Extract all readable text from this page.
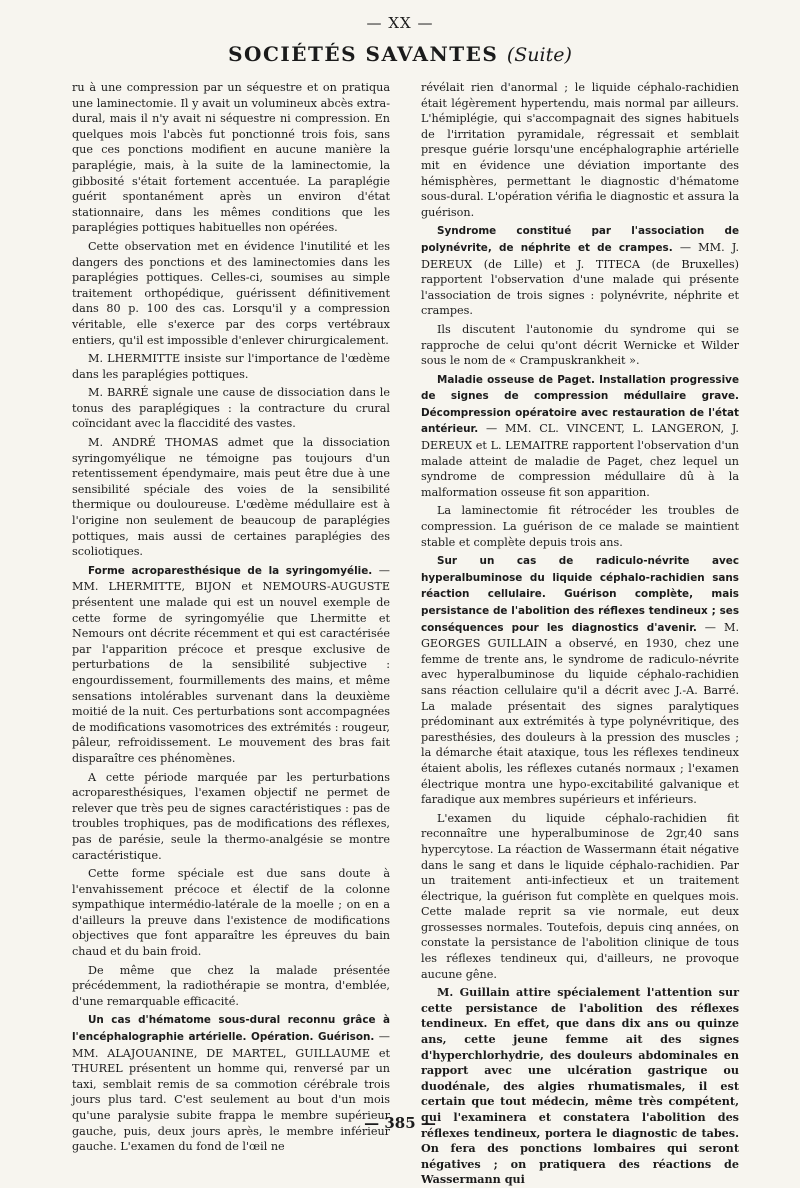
— XX —
SOCIÉTÉS SAVANTES (Suite)

ru à une compression par un séquestre et on pratiqua une laminectomie. Il y avait un volumineux abcès extra-dural, mais il n'y avait ni séquestre ni compression. En quelques mois l'abcès fut ponctionné trois fois, sans que ces ponctions modifient en aucune manière la paraplégie, mais, à la suite de la laminectomie, la gibbosité s'était fortement accentuée. La paraplégie guérit spontanément après un environ d'état stationnaire, dans les mêmes conditions que les paraplégies pottiques habituelles non opérées.

Cette observation met en évidence l'inutilité et les dangers des ponctions et des laminectomies dans les paraplégies pottiques. Celles-ci, soumises au simple traitement orthopédique, guérissent définitivement dans 80 p. 100 des cas. Lorsqu'il y a compression véritable, elle s'exerce par des corps vertébraux entiers, qu'il est impossible d'enlever chirurgicalement.

M. LHERMITTE insiste sur l'importance de l'œdème dans les paraplégies pottiques.

M. BARRÉ signale une cause de dissociation dans le tonus des paraplégiques : la contracture du crural coïncidant avec la flaccidité des vastes.

M. ANDRÉ THOMAS admet que la dissociation syringomyélique ne témoigne pas toujours d'un retentissement épendymaire, mais peut être due à une sensibilité spéciale des voies de la sensibilité thermique ou douloureuse. L'œdème médullaire est à l'origine non seulement de beaucoup de paraplégies pottiques, mais aussi de certaines paraplégies des scoliotiques.

Forme acroparesthésique de la syringomyélie. — MM. LHERMITTE, BIJON et NEMOURS-AUGUSTE présentent une malade qui est un nouvel exemple de cette forme de syringomyélie que Lhermitte et Nemours ont décrite récemment et qui est caractérisée par l'apparition précoce et presque exclusive de perturbations de la sensibilité subjective : engourdissement, fourmillements des mains, et même sensations intolérables survenant dans la deuxième moitié de la nuit. Ces perturbations sont accompagnées de modifications vasomotrices des extrémités : rougeur, pâleur, refroidissement. Le mouvement des bras fait disparaître ces phénomènes.

A cette période marquée par les perturbations acroparesthésiques, l'examen objectif ne permet de relever que très peu de signes caractéristiques : pas de troubles trophiques, pas de modifications des réflexes, pas de parésie, seule la thermo-analgésie se montre caractéristique.

Cette forme spéciale est due sans doute à l'envahissement précoce et électif de la colonne sympathique intermédio-latérale de la moelle ; on en a d'ailleurs la preuve dans l'existence de modifications objectives que font apparaître les épreuves du bain chaud et du bain froid.

De même que chez la malade présentée précédemment, la radiothérapie se montra, d'emblée, d'une remarquable efficacité.

Un cas d'hématome sous-dural reconnu grâce à l'encéphalographie artérielle. Opération. Guérison. — MM. ALAJOUANINE, DE MARTEL, GUILLAUME et THUREL présentent un homme qui, renversé par un taxi, semblait remis de sa commotion cérébrale trois jours plus tard. C'est seulement au bout d'un mois qu'une paralysie subite frappa le membre supérieur gauche, puis, deux jours après, le membre inférieur gauche. L'examen du fond de l'œil ne

révélait rien d'anormal ; le liquide céphalo-rachidien était légèrement hypertendu, mais normal par ailleurs. L'hémiplégie, qui s'accompagnait des signes habituels de l'irritation pyramidale, régressait et semblait presque guérie lorsqu'une encéphalographie artérielle mit en évidence une déviation importante des hémisphères, permettant le diagnostic d'hématome sous-dural. L'opération vérifia le diagnostic et assura la guérison.

Syndrome constitué par l'association de polynévrite, de néphrite et de crampes. — MM. J. DEREUX (de Lille) et J. TITECA (de Bruxelles) rapportent l'observation d'une malade qui présente l'association de trois signes : polynévrite, néphrite et crampes.

Ils discutent l'autonomie du syndrome qui se rapproche de celui qu'ont décrit Wernicke et Wilder sous le nom de « Crampuskrankheit ».

Maladie osseuse de Paget. Installation progressive de signes de compression médullaire grave. Décompression opératoire avec restauration de l'état antérieur. — MM. CL. VINCENT, L. LANGERON, J. DEREUX et L. LEMAITRE rapportent l'observation d'un malade atteint de maladie de Paget, chez lequel un syndrome de compression médullaire dû à la malformation osseuse fit son apparition.

La laminectomie fit rétrocéder les troubles de compression. La guérison de ce malade se maintient stable et complète depuis trois ans.

Sur un cas de radiculo-névrite avec hyperalbuminose du liquide céphalo-rachidien sans réaction cellulaire. Guérison complète, mais persistance de l'abolition des réflexes tendineux ; ses conséquences pour les diagnostics d'avenir. — M. GEORGES GUILLAIN a observé, en 1930, chez une femme de trente ans, le syndrome de radiculo-névrite avec hyperalbuminose du liquide céphalo-rachidien sans réaction cellulaire qu'il a décrit avec J.-A. Barré. La malade présentait des signes paralytiques prédominant aux extrémités à type polynévritique, des paresthésies, des douleurs à la pression des muscles ; la démarche était ataxique, tous les réflexes tendineux étaient abolis, les réflexes cutanés normaux ; l'examen électrique montra une hypo-excitabilité galvanique et faradique aux membres supérieurs et inférieurs.

L'examen du liquide céphalo-rachidien fit reconnaître une hyperalbuminose de 2gr,40 sans hypercytose. La réaction de Wassermann était négative dans le sang et dans le liquide céphalo-rachidien. Par un traitement anti-infectieux et un traitement électrique, la guérison fut complète en quelques mois. Cette malade reprit sa vie normale, eut deux grossesses normales. Toutefois, depuis cinq années, on constate la persistance de l'abolition clinique de tous les réflexes tendineux qui, d'ailleurs, ne provoque aucune gêne.

M. Guillain attire spécialement l'attention sur cette persistance de l'abolition des réflexes tendineux. En effet, que dans dix ans ou quinze ans, cette jeune femme ait des signes d'hyperchlorhydrie, des douleurs abdominales en rapport avec une ulcération gastrique ou duodénale, des algies rhumatismales, il est certain que tout médecin, même très compétent, qui l'examinera et constatera l'abolition des réflexes tendineux, portera le diagnostic de tabes. On fera des ponctions lombaires qui seront négatives ; on pratiquera des réactions de Wassermann qui

— 385 —
